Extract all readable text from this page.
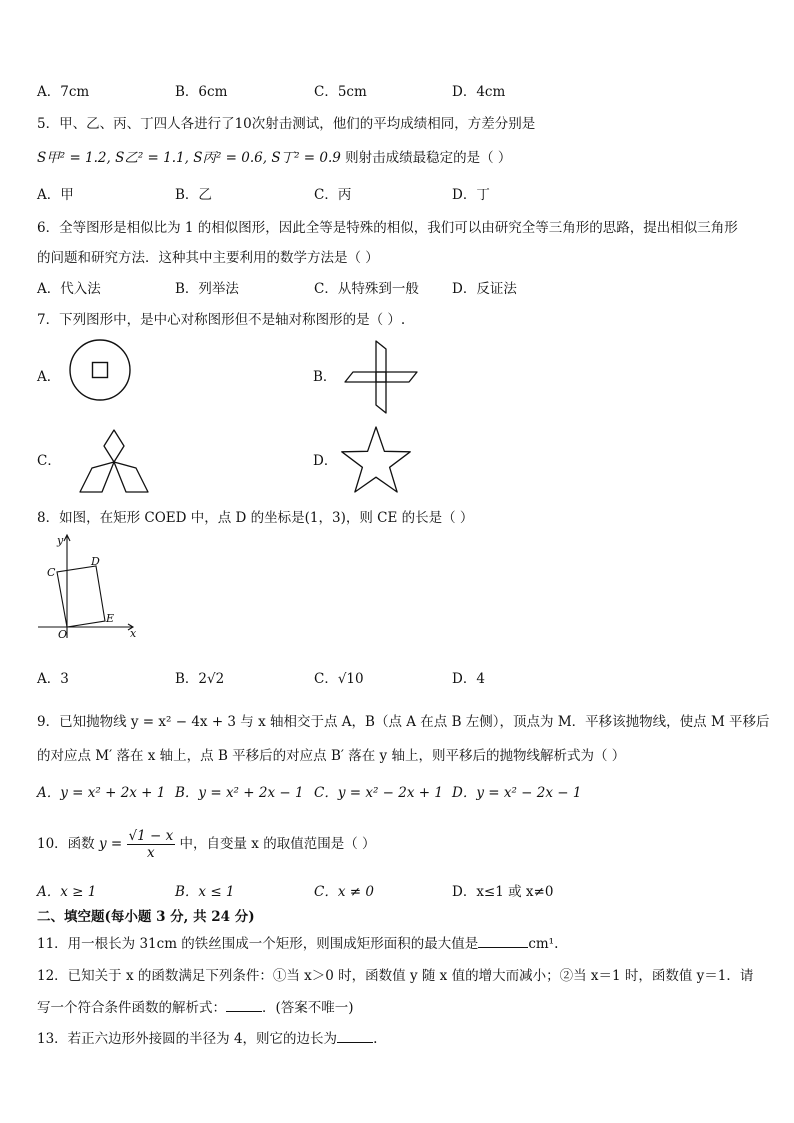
A．7cm	B．6cm	C．5cm	D．4cm
5．甲、乙、丙、丁四人各进行了10次射击测试，他们的平均成绩相同，方差分别是
S甲² = 1.2, S乙² = 1.1, S丙² = 0.6, S丁² = 0.9 则射击成绩最稳定的是（ ）
A．甲	B．乙	C．丙	D．丁
6．全等图形是相似比为 1 的相似图形，因此全等是特殊的相似，我们可以由研究全等三角形的思路，提出相似三角形
的问题和研究方法．这种其中主要利用的数学方法是（ ）
A．代入法	B．列举法	C．从特殊到一般 D．反证法
7．下列图形中，是中心对称图形但不是轴对称图形的是（ ）.
A．	B．
C．	D．
8．如图，在矩形 COED 中，点 D 的坐标是(1，3)，则 CE 的长是（ ）
y
x
O
C
D
E
A．3	B．2√2	C．√10	D．4
9．已知抛物线 y = x² − 4x + 3 与 x 轴相交于点 A，B（点 A 在点 B 左侧），顶点为 M．平移该抛物线，使点 M 平移后
的对应点 M′ 落在 x 轴上，点 B 平移后的对应点 B′ 落在 y 轴上，则平移后的抛物线解析式为（ ）
A．y = x² + 2x + 1 B．y = x² + 2x − 1 C．y = x² − 2x + 1 D．y = x² − 2x − 1
10．函数 $y = \frac{√1 - x}{x}$ 中，自变量 x 的取值范围是（ ）
A．x ≥ 1	B．x ≤ 1	C．x ≠ 0	D．x≤1 或 x≠0
二、填空题(每小题 3 分, 共 24 分)
11．用一根长为 31cm 的铁丝围成一个矩形，则围成矩形面积的最大值是	cm¹.
12．已知关于 x 的函数满足下列条件：①当 x＞0 时，函数值 y 随 x 值的增大而减小；②当 x＝1 时，函数值 y＝1．请
写一个符合条件函数的解析式：	．(答案不唯一)
13．若正六边形外接圆的半径为 4，则它的边长为	.
